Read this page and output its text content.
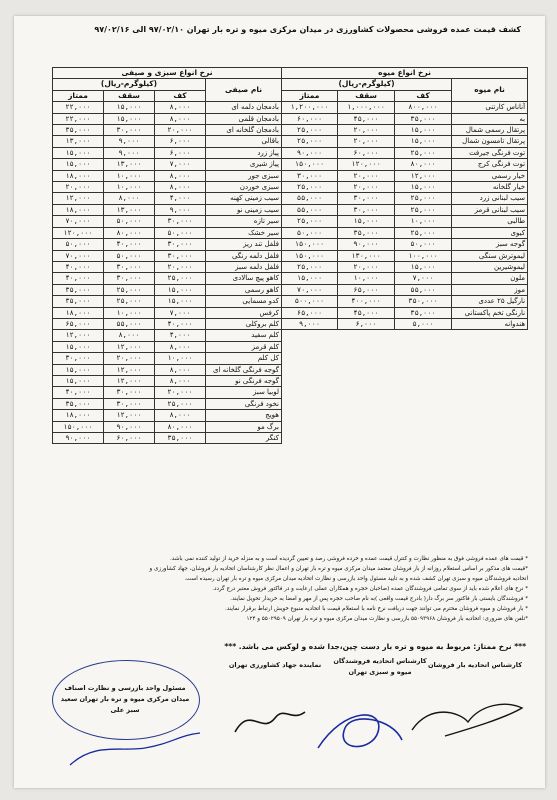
کشف قیمت عمده فروشی محصولات کشاورزی در میدان مرکزی میوه و تره بار تهران ۹۷/۰۲/۱۰ الی ۹۷/۰۲/۱۶
نرخ انواع میوه			
نام میوه	(کیلوگرم-ریال)		
	کف	سقف	ممتاز
آناناس کارتنی	۸۰۰,۰۰۰	۱,۰۰۰,۰۰۰	۱,۲۰۰,۰۰۰
به	۳۵,۰۰۰	۴۵,۰۰۰	۶۰,۰۰۰
پرتقال رسمی شمال	۱۵,۰۰۰	۲۰,۰۰۰	۲۵,۰۰۰
پرتقال تامسون شمال	۱۵,۰۰۰	۲۰,۰۰۰	۲۵,۰۰۰
توت فرنگی جیرفت	۲۵,۰۰۰	۶۰,۰۰۰	۹۰,۰۰۰
توت فرنگی کرج	۸۰,۰۰۰	۱۲۰,۰۰۰	۱۵۰,۰۰۰
خیار رسمی	۱۲,۰۰۰	۲۰,۰۰۰	۳۰,۰۰۰
خیار گلخانه	۱۵,۰۰۰	۲۰,۰۰۰	۲۵,۰۰۰
سیب لبنانی زرد	۲۵,۰۰۰	۳۰,۰۰۰	۵۵,۰۰۰
سیب لبنانی قرمز	۲۵,۰۰۰	۳۰,۰۰۰	۵۵,۰۰۰
طالبی	۱۰,۰۰۰	۱۵,۰۰۰	۲۵,۰۰۰
کیوی	۲۵,۰۰۰	۳۵,۰۰۰	۵۰,۰۰۰
گوجه سبز	۵۰,۰۰۰	۹۰,۰۰۰	۱۵۰,۰۰۰
لیموترش سنگی	۱۰۰,۰۰۰	۱۳۰,۰۰۰	۱۵۰,۰۰۰
لیموشیرین	۱۵,۰۰۰	۲۰,۰۰۰	۲۵,۰۰۰
ملون	۷,۰۰۰	۱۰,۰۰۰	۱۵,۰۰۰
موز	۵۵,۰۰۰	۶۵,۰۰۰	۷۰,۰۰۰
نارگیل ۲۵ عددی	۳۵۰,۰۰۰	۴۰۰,۰۰۰	۵۰۰,۰۰۰
نارنگی تخم پاکستانی	۳۵,۰۰۰	۴۵,۰۰۰	۶۵,۰۰۰
هندوانه	۵,۰۰۰	۶,۰۰۰	۹,۰۰۰
نرخ انواع سبزی و صیفی			
نام صیفی	(کیلوگرم-ریال)		
	کف	سقف	ممتاز
بادمجان دلمه ای	۸,۰۰۰	۱۵,۰۰۰	۲۲,۰۰۰
بادمجان قلمی	۸,۰۰۰	۱۵,۰۰۰	۲۲,۰۰۰
بادمجان گلخانه ای	۲۰,۰۰۰	۳۰,۰۰۰	۳۵,۰۰۰
باقالی	۶,۰۰۰	۹,۰۰۰	۱۳,۰۰۰
پیاز زرد	۶,۰۰۰	۹,۰۰۰	۱۵,۰۰۰
پیاز شیری	۷,۰۰۰	۱۳,۰۰۰	۱۵,۰۰۰
سبزی جور	۸,۰۰۰	۱۰,۰۰۰	۱۸,۰۰۰
سبزی خوردن	۸,۰۰۰	۱۰,۰۰۰	۲۰,۰۰۰
سیب زمینی کهنه	۴,۰۰۰	۸,۰۰۰	۱۲,۰۰۰
سیب زمینی نو	۹,۰۰۰	۱۳,۰۰۰	۱۸,۰۰۰
سیر تازه	۳۰,۰۰۰	۵۰,۰۰۰	۷۰,۰۰۰
سیر خشک	۵۰,۰۰۰	۸۰,۰۰۰	۱۲۰,۰۰۰
فلفل تند ریز	۳۰,۰۰۰	۴۰,۰۰۰	۵۰,۰۰۰
فلفل دلمه رنگی	۳۰,۰۰۰	۵۰,۰۰۰	۷۰,۰۰۰
فلفل دلمه سبز	۲۰,۰۰۰	۳۰,۰۰۰	۴۰,۰۰۰
کاهو پیچ سالادی	۲۵,۰۰۰	۳۰,۰۰۰	۴۰,۰۰۰
کاهو رسمی	۱۵,۰۰۰	۲۵,۰۰۰	۳۵,۰۰۰
کدو مسمایی	۱۵,۰۰۰	۲۵,۰۰۰	۳۵,۰۰۰
کرفس	۷,۰۰۰	۱۰,۰۰۰	۱۸,۰۰۰
کلم بروکلی	۴۰,۰۰۰	۵۵,۰۰۰	۶۵,۰۰۰
کلم سفید	۴,۰۰۰	۸,۰۰۰	۱۲,۰۰۰
کلم قرمز	۸,۰۰۰	۱۲,۰۰۰	۱۵,۰۰۰
کل کلم	۱۰,۰۰۰	۲۰,۰۰۰	۳۰,۰۰۰
گوجه فرنگی گلخانه ای	۸,۰۰۰	۱۲,۰۰۰	۱۵,۰۰۰
گوجه فرنگی نو	۸,۰۰۰	۱۲,۰۰۰	۱۵,۰۰۰
لوبیا سبز	۲۰,۰۰۰	۳۰,۰۰۰	۴۰,۰۰۰
نخود فرنگی	۲۵,۰۰۰	۳۰,۰۰۰	۳۵,۰۰۰
هویج	۸,۰۰۰	۱۲,۰۰۰	۱۸,۰۰۰
برگ مو	۸۰,۰۰۰	۹۰,۰۰۰	۱۵۰,۰۰۰
کنگر	۳۵,۰۰۰	۶۰,۰۰۰	۹۰,۰۰۰
* قیمت های عمده فروشی فوق به منظور نظارت و کنترل قیمت عمده و خرده فروشی رصد و تعیین گردیده است و به منزله خرید از تولید کننده نمی باشد.
*قیمت های مذکور بر اساس استعلام روزانه از بار فروشان معتمد میدان مرکزی میوه و تره بار تهران و اعمال نظر کارشناسان اتحادیه بار فروشان، جهاد کشاورزی و
اتحادیه فروشندگان میوه و سبزی تهران کشف شده و به تایید مسئول واحد بازرسی و نظارت اتحادیه میدان مرکزی میوه و تره بار تهران رسیده است.
* نرخ های اعلام شده باید از سوی تمامی فروشندگان عمده (صاحبان حجره و همکاران عملی )رعایت و در فاکتور فروش معتبر درج گردد.
* فروشندگان بایستی بار فاکتور سر برگ دار( بادرج قیمت واقعی )به نام صاحب حجره پس از مهر و امضا به خریدار تحویل نمایند.
* بار فروشان و میوه فروشان محترم می توانند جهت دریافت نرخ نامه با استعلام قیمت با اتحادیه منبوع خویش ارتباط برقرار نمایند.
*تلفن های ضروری: اتحادیه بار فروشان ۵۵۰۹۳۹۶۸ بازرسی و نظارت میدان مرکزی میوه و تره بار تهران ۵۵۰۲۹۵۰۹ و ۱۲۴
*** نرخ ممتاز: مربوط به میوه و تره بار دست چین،جدا شده و لوکس می باشد. ***
مسئول واحد بازرسی و نظارت اصناف میدان مرکزی میوه و تره بار تهران سعید سبز علی
نماینده جهاد کشاورزی تهران	کارشناس اتحادیه فروشندگان میوه و سبزی تهران
کارشناس اتحادیه بار فروشان
